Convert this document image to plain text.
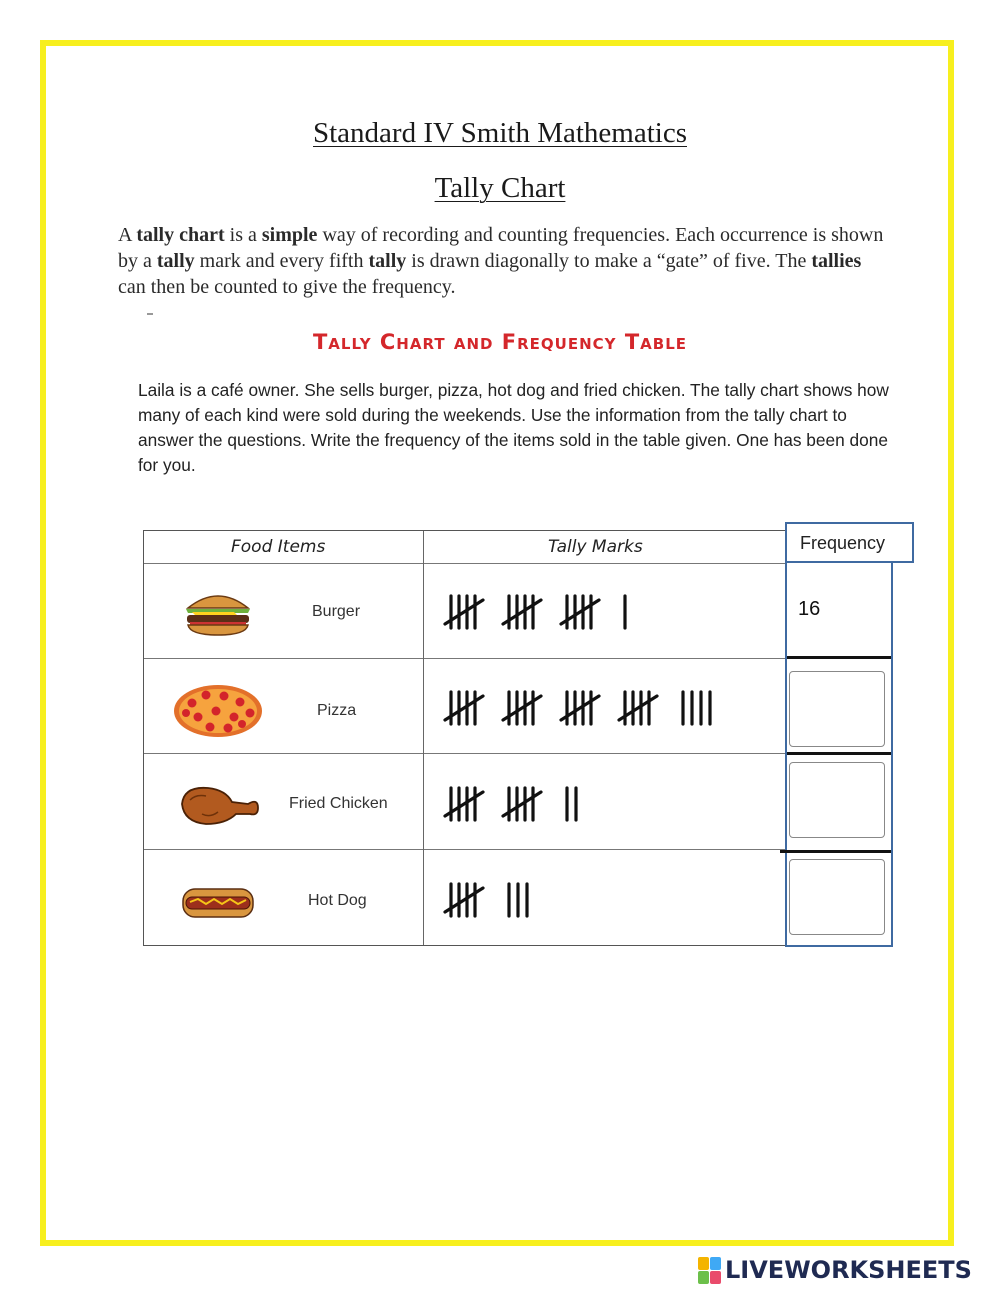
Standard IV Smith Mathematics
Tally Chart
A tally chart is a simple way of recording and counting frequencies. Each occurrence is shown by a tally mark and every fifth tally is drawn diagonally to make a “gate” of five. The tallies can then be counted to give the frequency.
Tally Chart and Frequency Table
Laila is a café owner. She sells burger, pizza, hot dog and fried chicken. The tally chart shows how many of each kind were sold during the weekends. Use the information from the tally chart to answer the questions. Write the frequency of the items sold in the table given. One has been done for you.
Food Items	Tally Marks
Burger
Pizza
Fried Chicken
Hot Dog
Frequency
16
LIVEWORKSHEETS
